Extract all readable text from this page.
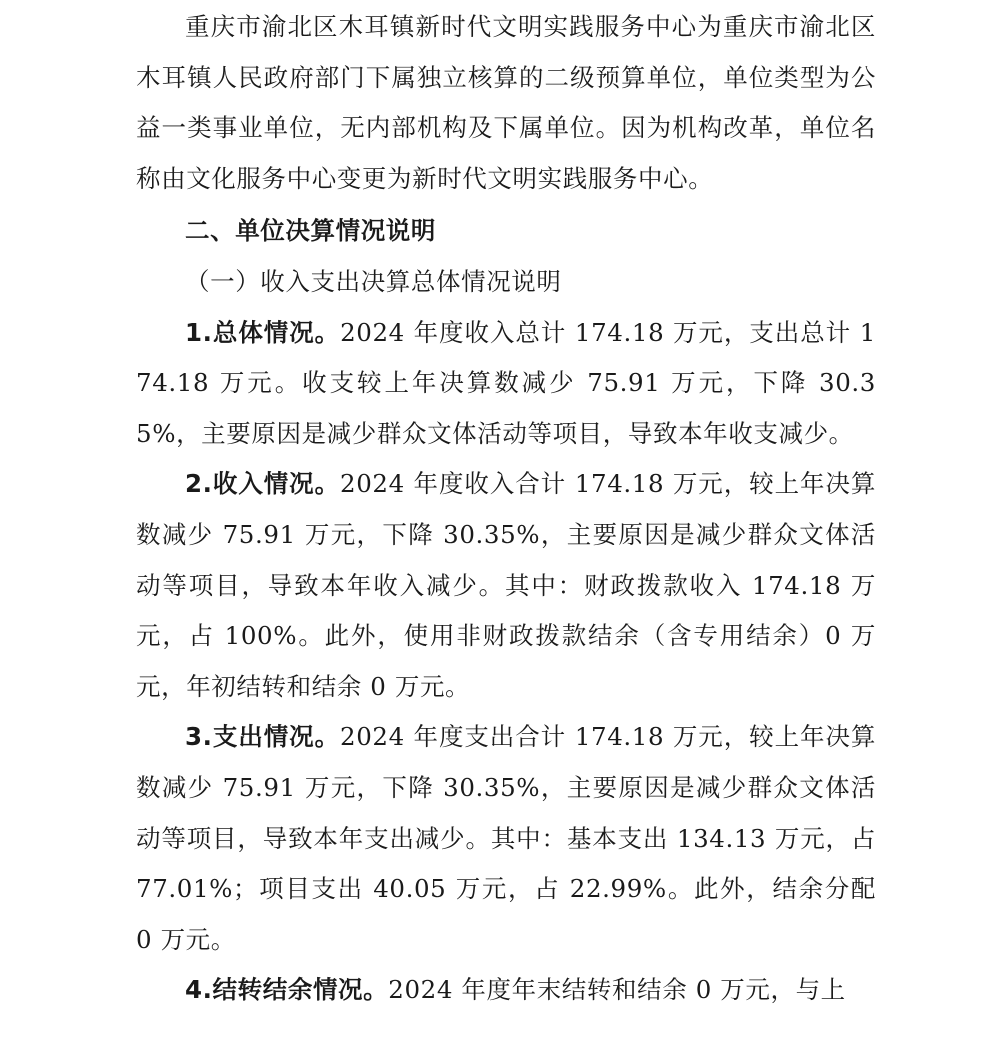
重庆市渝北区木耳镇新时代文明实践服务中心为重庆市渝北区木耳镇人民政府部门下属独立核算的二级预算单位，单位类型为公益一类事业单位，无内部机构及下属单位。因为机构改革，单位名称由文化服务中心变更为新时代文明实践服务中心。

二、单位决算情况说明

（一）收入支出决算总体情况说明

1.总体情况。2024 年度收入总计 174.18 万元，支出总计 174.18 万元。收支较上年决算数减少 75.91 万元，下降 30.35%，主要原因是减少群众文体活动等项目，导致本年收支减少。

2.收入情况。2024 年度收入合计 174.18 万元，较上年决算数减少 75.91 万元，下降 30.35%，主要原因是减少群众文体活动等项目，导致本年收入减少。其中：财政拨款收入 174.18 万元，占 100%。此外，使用非财政拨款结余（含专用结余）0 万元，年初结转和结余 0 万元。

3.支出情况。2024 年度支出合计 174.18 万元，较上年决算数减少 75.91 万元，下降 30.35%，主要原因是减少群众文体活动等项目，导致本年支出减少。其中：基本支出 134.13 万元，占 77.01%；项目支出 40.05 万元，占 22.99%。此外，结余分配 0 万元。

4.结转结余情况。2024 年度年末结转和结余 0 万元，与上
